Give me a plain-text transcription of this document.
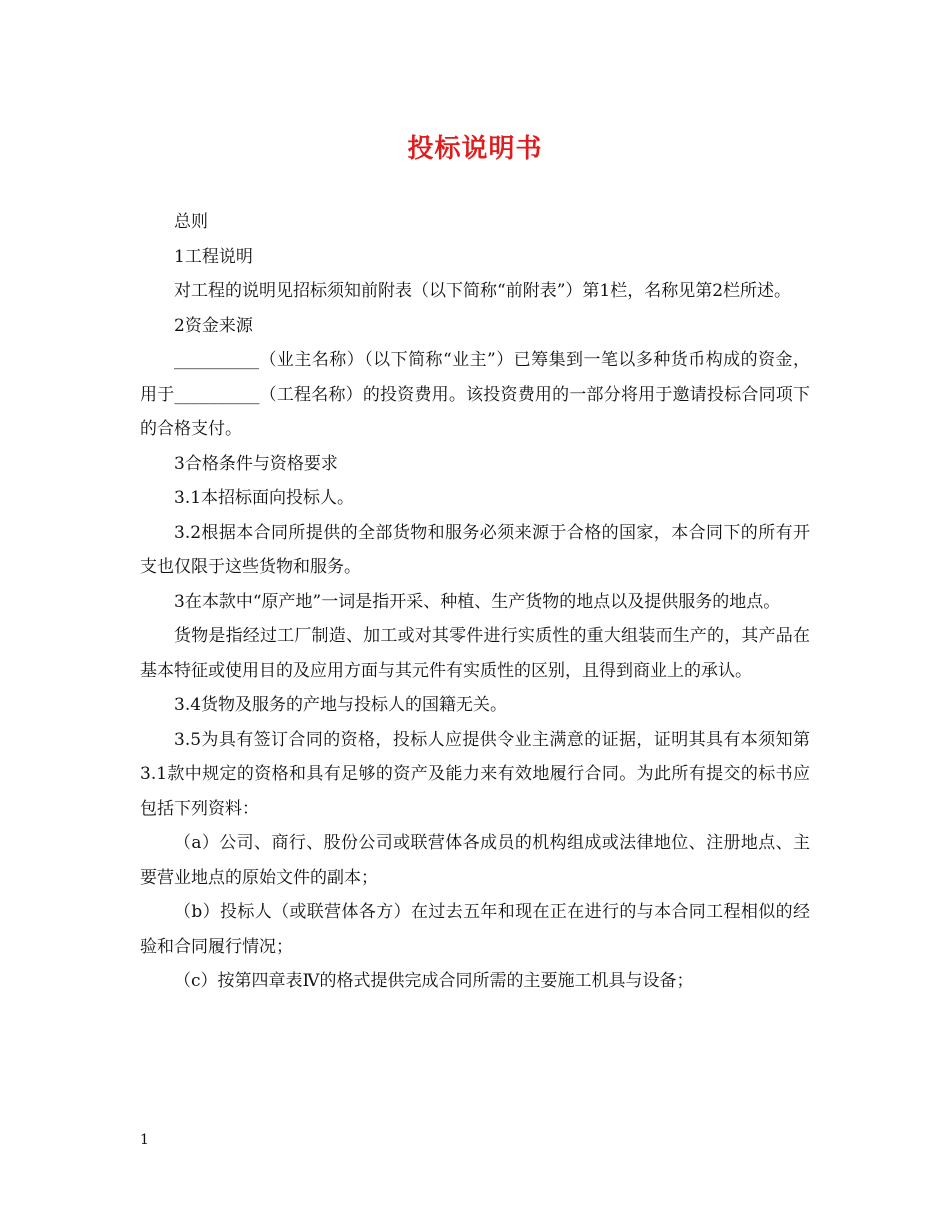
投标说明书

总则

1工程说明

对工程的说明见招标须知前附表（以下简称“前附表”）第1栏，名称见第2栏所述。

2资金来源

__________（业主名称）（以下简称“业主”）已筹集到一笔以多种货币构成的资金，用于__________（工程名称）的投资费用。该投资费用的一部分将用于邀请投标合同项下的合格支付。

3合格条件与资格要求

3.1本招标面向投标人。

3.2根据本合同所提供的全部货物和服务必须来源于合格的国家，本合同下的所有开支也仅限于这些货物和服务。

3在本款中“原产地”一词是指开采、种植、生产货物的地点以及提供服务的地点。

货物是指经过工厂制造、加工或对其零件进行实质性的重大组装而生产的，其产品在基本特征或使用目的及应用方面与其元件有实质性的区别，且得到商业上的承认。

3.4货物及服务的产地与投标人的国籍无关。

3.5为具有签订合同的资格，投标人应提供令业主满意的证据，证明其具有本须知第3.1款中规定的资格和具有足够的资产及能力来有效地履行合同。为此所有提交的标书应包括下列资料：

（a）公司、商行、股份公司或联营体各成员的机构组成或法律地位、注册地点、主要营业地点的原始文件的副本；

（b）投标人（或联营体各方）在过去五年和现在正在进行的与本合同工程相似的经验和合同履行情况；

（c）按第四章表Ⅳ的格式提供完成合同所需的主要施工机具与设备；

1
